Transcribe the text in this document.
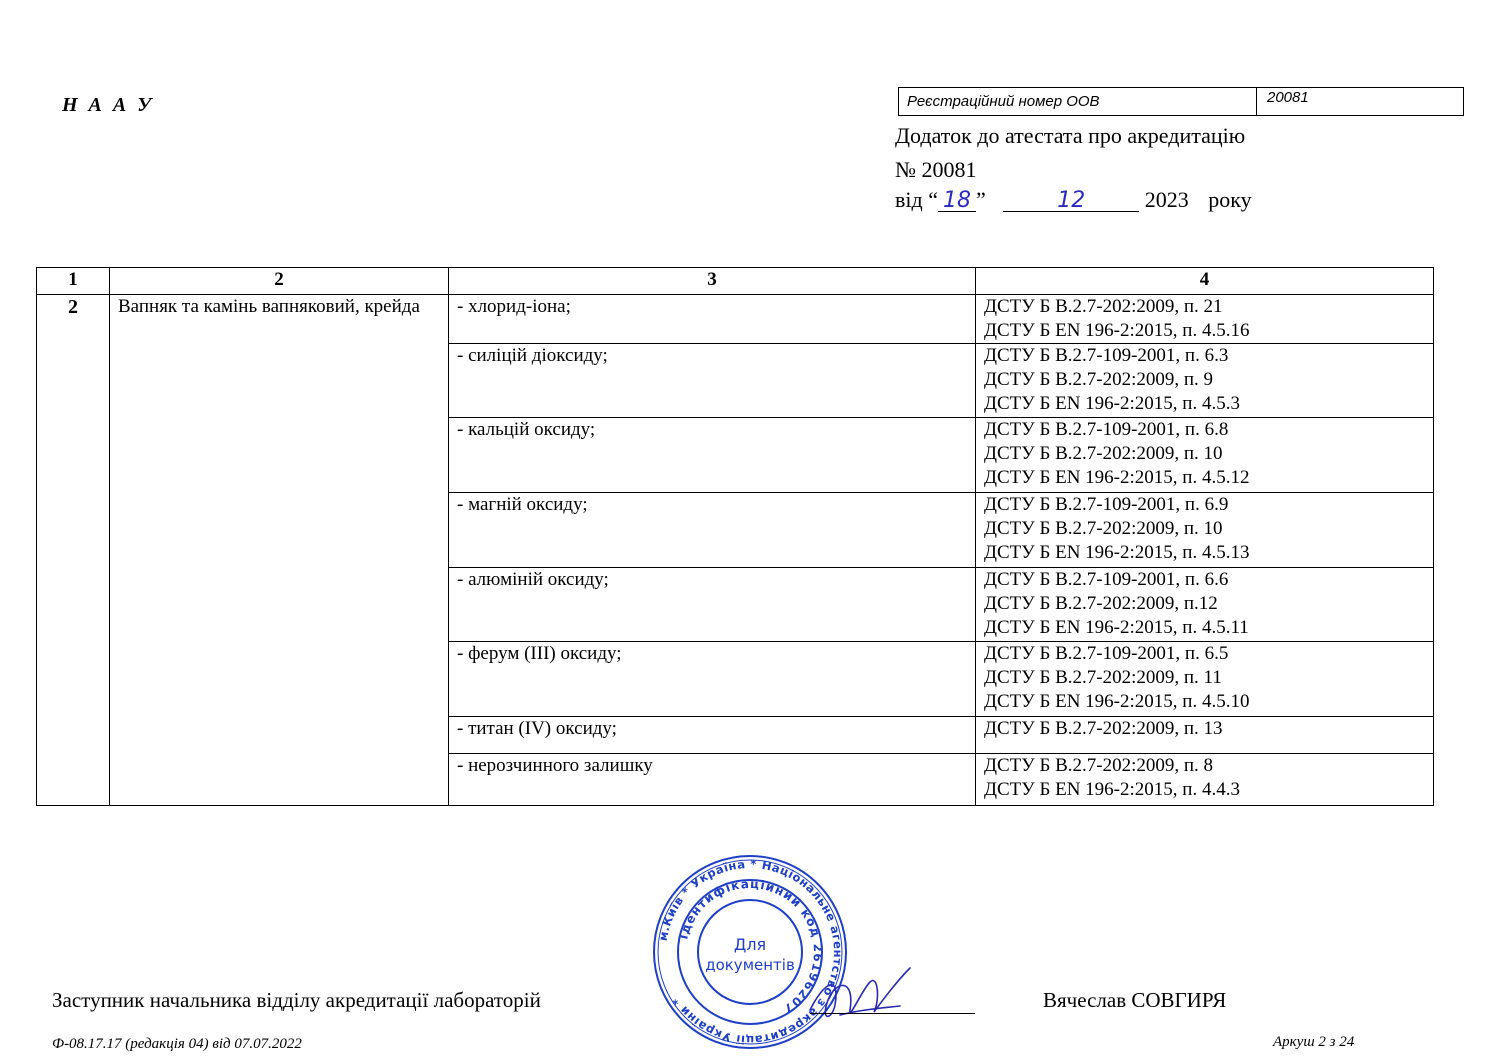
Н А А У	Реєстраційний номер ООВ	20081
Додаток до атестата про акредитацію
№ 20081
від “ 18 ”	12	2023 року
1	2	3	4
2	Вапняк та камінь вапняковий, крейда	- хлорид-іона;	ДСТУ Б В.2.7-202:2009, п. 21
ДСТУ Б EN 196-2:2015, п. 4.5.16

		- силіцій діоксиду;	ДСТУ Б В.2.7-109-2001, п. 6.3
ДСТУ Б В.2.7-202:2009, п. 9
ДСТУ Б EN 196-2:2015, п. 4.5.3

		- кальцій оксиду;	ДСТУ Б В.2.7-109-2001, п. 6.8
ДСТУ Б В.2.7-202:2009, п. 10
ДСТУ Б EN 196-2:2015, п. 4.5.12

		- магній оксиду;	ДСТУ Б В.2.7-109-2001, п. 6.9
ДСТУ Б В.2.7-202:2009, п. 10
ДСТУ Б EN 196-2:2015, п. 4.5.13

		- алюміній оксиду;	ДСТУ Б В.2.7-109-2001, п. 6.6
ДСТУ Б В.2.7-202:2009, п.12
ДСТУ Б EN 196-2:2015, п. 4.5.11

		- ферум (ІІІ) оксиду;	ДСТУ Б В.2.7-109-2001, п. 6.5
ДСТУ Б В.2.7-202:2009, п. 11
ДСТУ Б EN 196-2:2015, п. 4.5.10

		- титан (IV) оксиду;	ДСТУ Б В.2.7-202:2009, п. 13

		- нерозчинного залишку	ДСТУ Б В.2.7-202:2009, п. 8
ДСТУ Б EN 196-2:2015, п. 4.4.3
м.Київ * Україна * Національне агентство з акредитації України *
Ідентифікаційний код 26196207
Для
документів
Заступник начальника відділу акредитації лабораторій	Вячеслав СОВГИРЯ
Ф-08.17.17 (редакція 04) від 07.07.2022	Аркуш 2 з 24
